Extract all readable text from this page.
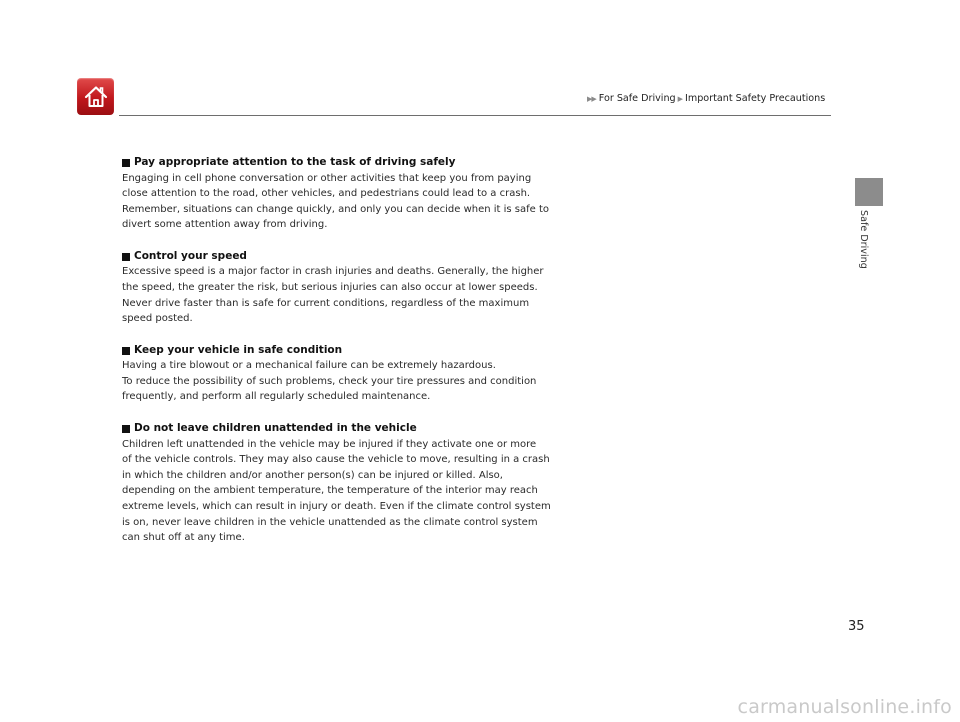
▶▶ For Safe Driving ▶ Important Safety Precautions
Safe Driving
Pay appropriate attention to the task of driving safely

Engaging in cell phone conversation or other activities that keep you from paying
close attention to the road, other vehicles, and pedestrians could lead to a crash.
Remember, situations can change quickly, and only you can decide when it is safe to
divert some attention away from driving.

Control your speed

Excessive speed is a major factor in crash injuries and deaths. Generally, the higher
the speed, the greater the risk, but serious injuries can also occur at lower speeds.
Never drive faster than is safe for current conditions, regardless of the maximum
speed posted.

Keep your vehicle in safe condition

Having a tire blowout or a mechanical failure can be extremely hazardous.
To reduce the possibility of such problems, check your tire pressures and condition
frequently, and perform all regularly scheduled maintenance.

Do not leave children unattended in the vehicle

Children left unattended in the vehicle may be injured if they activate one or more
of the vehicle controls. They may also cause the vehicle to move, resulting in a crash
in which the children and/or another person(s) can be injured or killed. Also,
depending on the ambient temperature, the temperature of the interior may reach
extreme levels, which can result in injury or death. Even if the climate control system
is on, never leave children in the vehicle unattended as the climate control system
can shut off at any time.

35
carmanualsonline.info
